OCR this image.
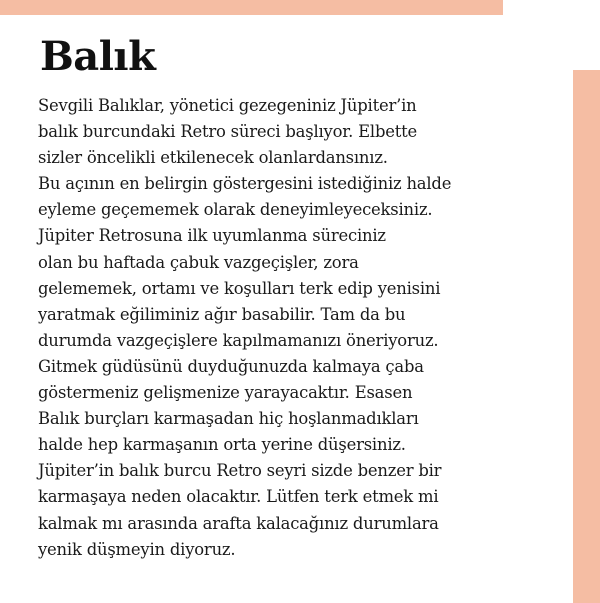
Balık

Sevgili Balıklar, yönetici gezegeniniz Jüpiter’in
balık burcundaki Retro süreci başlıyor. Elbette
sizler öncelikli etkilenecek olanlardansınız.
Bu açının en belirgin göstergesini istediğiniz halde
eyleme geçememek olarak deneyimleyeceksiniz.
Jüpiter Retrosuna ilk uyumlanma süreciniz
olan bu haftada çabuk vazgeçişler, zora
gelememek, ortamı ve koşulları terk edip yenisini
yaratmak eğiliminiz ağır basabilir. Tam da bu
durumda vazgeçişlere kapılmamanızı öneriyoruz.
Gitmek güdüsünü duyduğunuzda kalmaya çaba
göstermeniz gelişmenize yarayacaktır. Esasen
Balık burçları karmaşadan hiç hoşlanmadıkları
halde hep karmaşanın orta yerine düşersiniz.
Jüpiter’in balık burcu Retro seyri sizde benzer bir
karmaşaya neden olacaktır. Lütfen terk etmek mi
kalmak mı arasında arafta kalacağınız durumlara
yenik düşmeyin diyoruz.
